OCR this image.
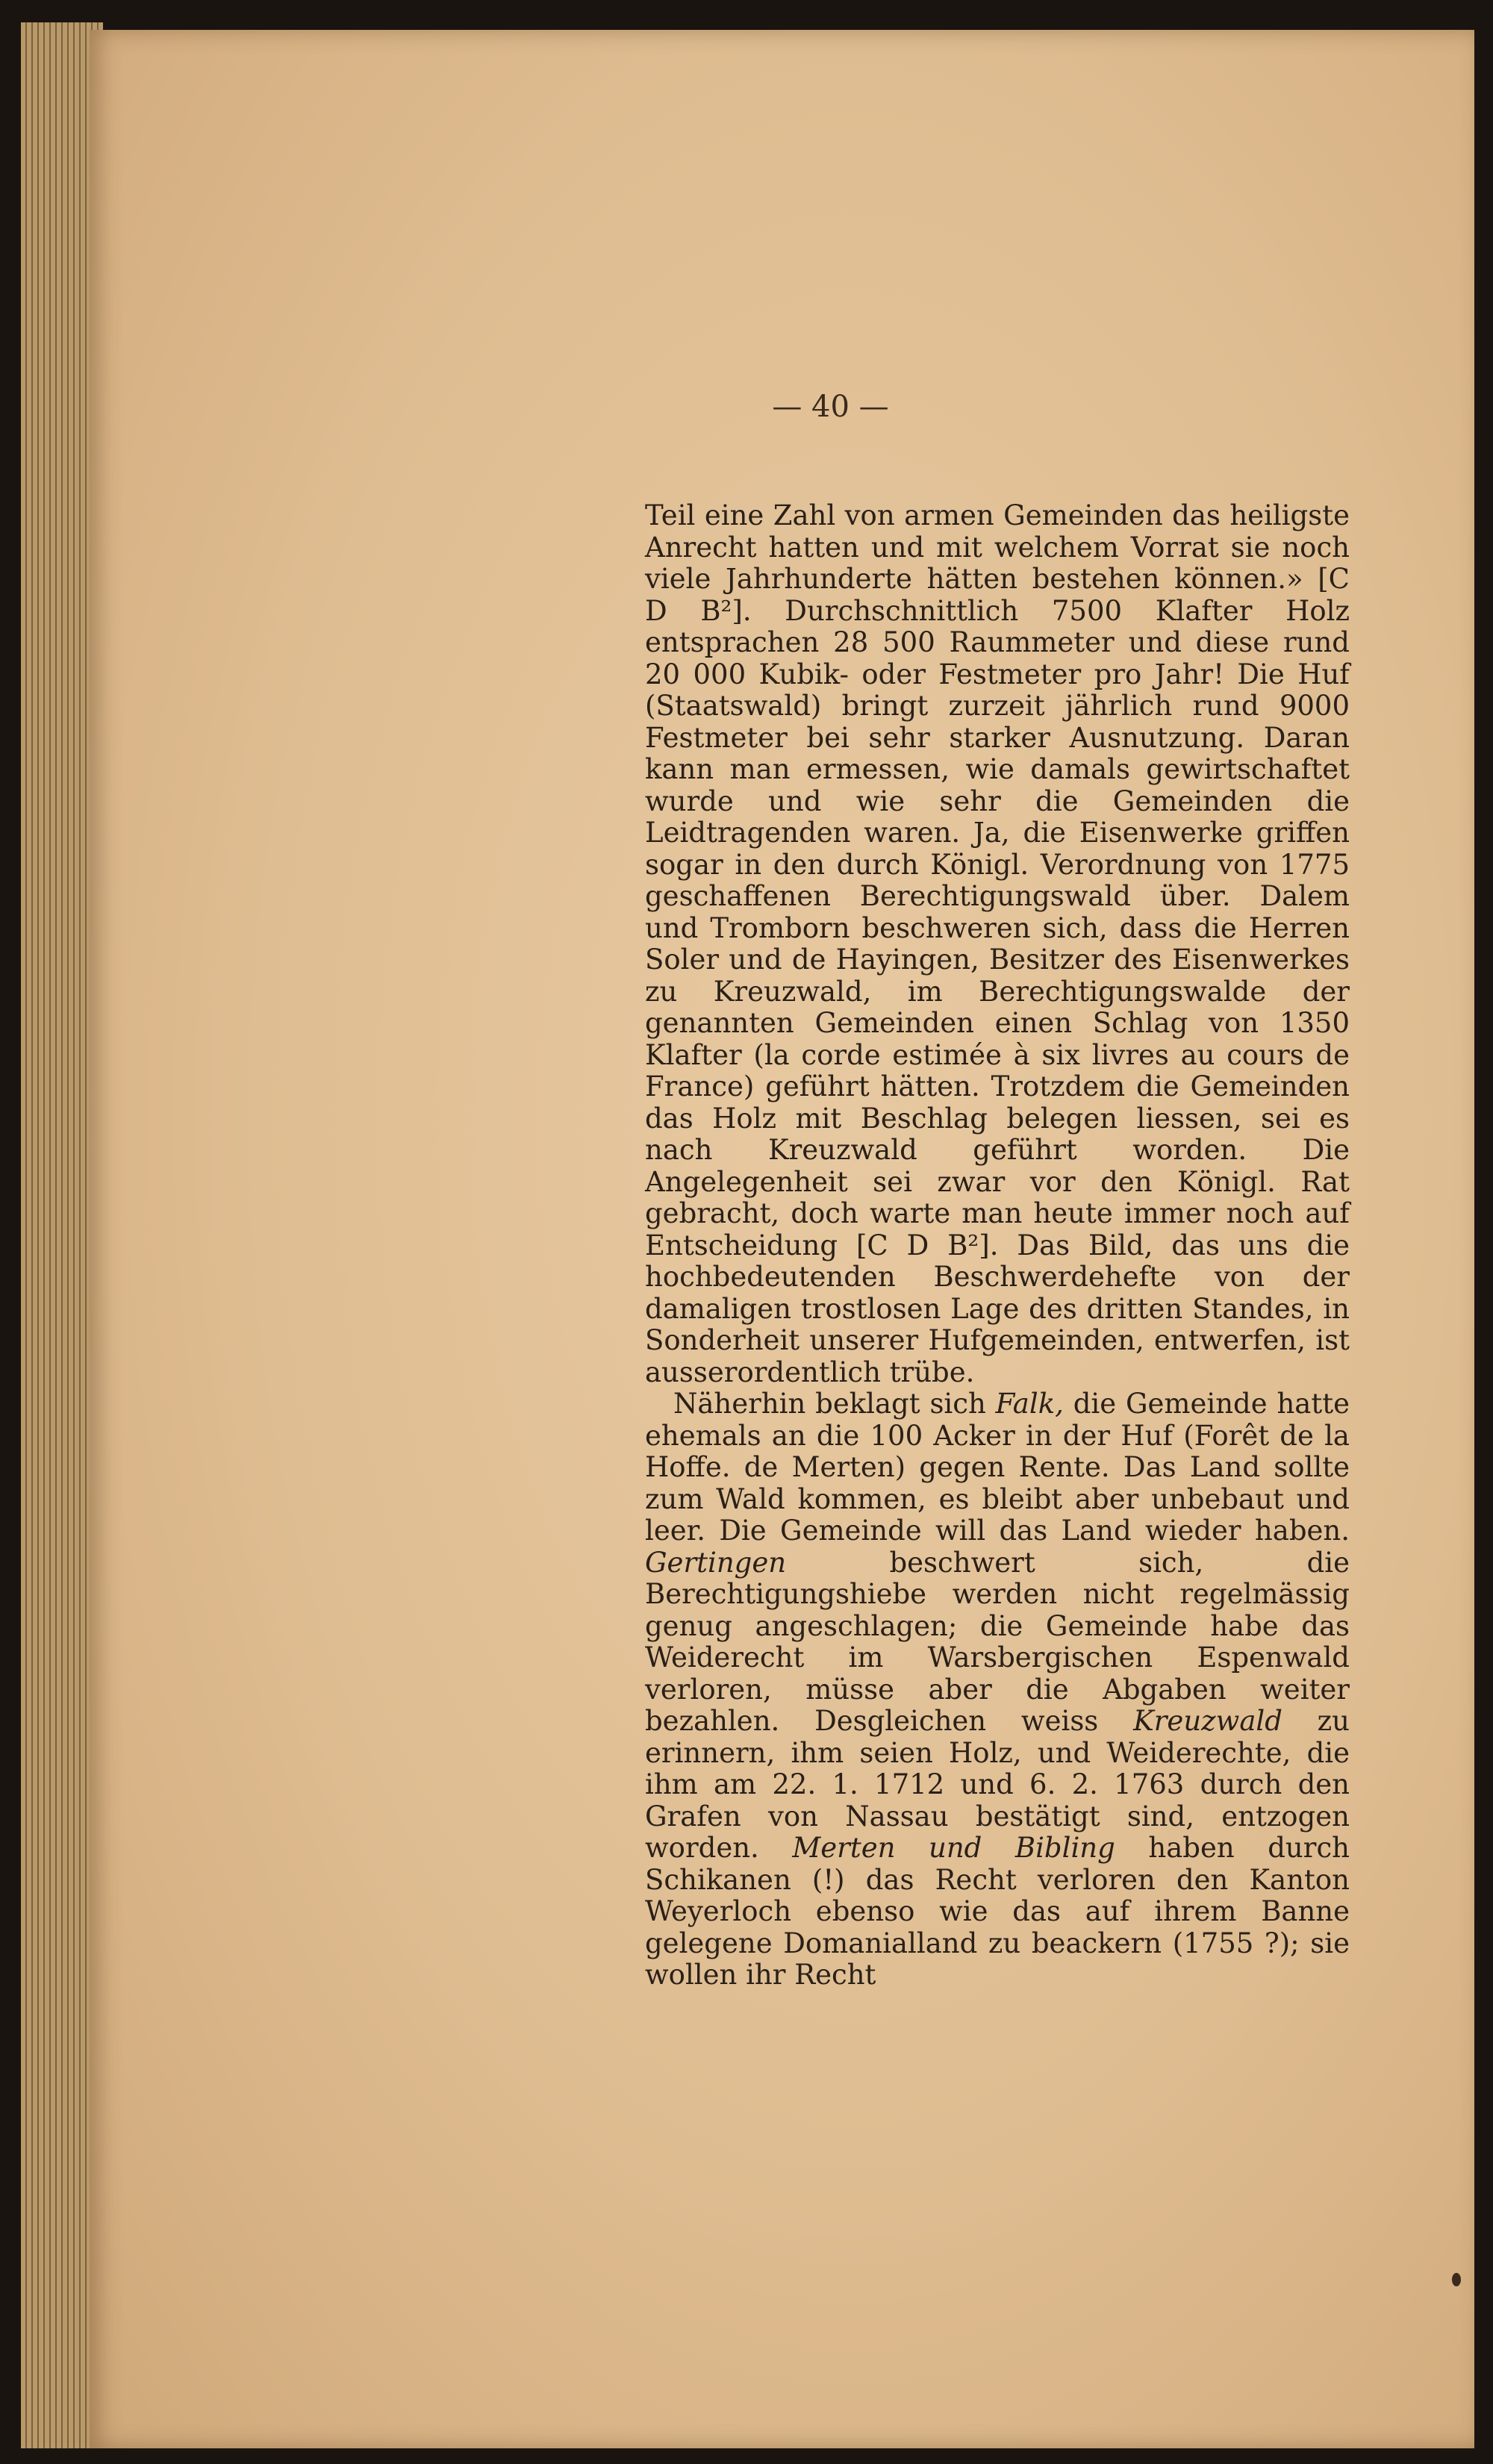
— 40 —

Teil eine Zahl von armen Gemeinden das heiligste Anrecht hatten und mit welchem Vorrat sie noch viele Jahrhunderte hätten bestehen können.» [C D B²]. Durchschnittlich 7500 Klafter Holz entsprachen 28 500 Raummeter und diese rund 20 000 Kubik- oder Festmeter pro Jahr! Die Huf (Staatswald) bringt zurzeit jährlich rund 9000 Festmeter bei sehr starker Ausnutzung. Daran kann man ermessen, wie damals gewirtschaftet wurde und wie sehr die Gemeinden die Leidtragenden waren. Ja, die Eisenwerke griffen sogar in den durch Königl. Verordnung von 1775 geschaffenen Berechtigungswald über. Dalem und Tromborn beschweren sich, dass die Herren Soler und de Hayingen, Besitzer des Eisenwerkes zu Kreuzwald, im Berechtigungswalde der genannten Gemeinden einen Schlag von 1350 Klafter (la corde estimée à six livres au cours de France) geführt hätten. Trotzdem die Gemeinden das Holz mit Beschlag belegen liessen, sei es nach Kreuzwald geführt worden. Die Angelegenheit sei zwar vor den Königl. Rat gebracht, doch warte man heute immer noch auf Entscheidung [C D B²]. Das Bild, das uns die hochbedeutenden Beschwerdehefte von der damaligen trostlosen Lage des dritten Standes, in Sonderheit unserer Hufgemeinden, entwerfen, ist ausserordentlich trübe.

Näherhin beklagt sich Falk, die Gemeinde hatte ehemals an die 100 Acker in der Huf (Forêt de la Hoffe. de Merten) gegen Rente. Das Land sollte zum Wald kommen, es bleibt aber unbebaut und leer. Die Gemeinde will das Land wieder haben. Gertingen beschwert sich, die Berechtigungshiebe werden nicht regelmässig genug angeschlagen; die Gemeinde habe das Weiderecht im Warsbergischen Espenwald verloren, müsse aber die Abgaben weiter bezahlen. Desgleichen weiss Kreuzwald zu erinnern, ihm seien Holz, und Weiderechte, die ihm am 22. 1. 1712 und 6. 2. 1763 durch den Grafen von Nassau bestätigt sind, entzogen worden. Merten und Bibling haben durch Schikanen (!) das Recht verloren den Kanton Weyerloch ebenso wie das auf ihrem Banne gelegene Domanialland zu beackern (1755 ?); sie wollen ihr Recht
